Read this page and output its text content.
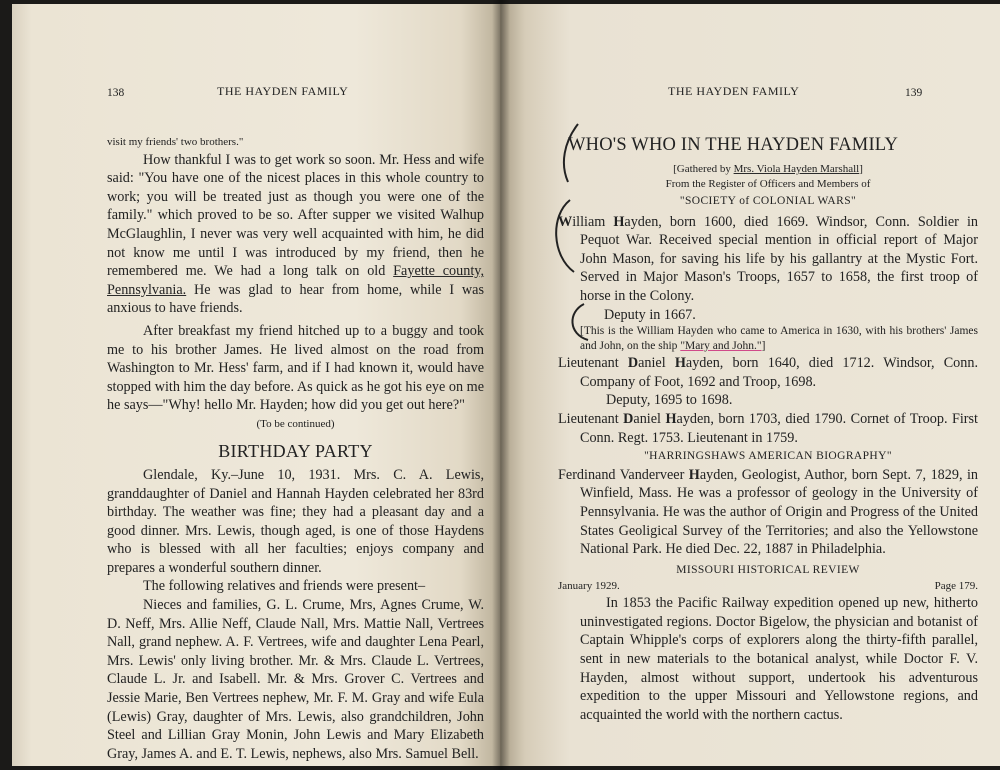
138	THE HAYDEN FAMILY

visit my friends' two brothers."

How thankful I was to get work so soon. Mr. Hess and wife said: "You have one of the nicest places in this whole country to work; you will be treated just as though you were one of the family." which proved to be so. After supper we visited Walhup McGlaughlin, I never was very well acquainted with him, he did not know me until I was introduced by my friend, then he remembered me. We had a long talk on old Fayette county, Pennsylvania. He was glad to hear from home, while I was anxious to have friends.

After breakfast my friend hitched up to a buggy and took me to his brother James. He lived almost on the road from Washington to Mr. Hess' farm, and if I had known it, would have stopped with him the day before. As quick as he got his eye on me he says—"Why! hello Mr. Hayden; how did you get out here?"

(To be continued)

BIRTHDAY PARTY

Glendale, Ky.–June 10, 1931. Mrs. C. A. Lewis, granddaughter of Daniel and Hannah Hayden celebrated her 83rd birthday. The weather was fine; they had a pleasant day and a good dinner. Mrs. Lewis, though aged, is one of those Haydens who is blessed with all her faculties; enjoys company and prepares a wonderful southern dinner.

The following relatives and friends were present–

Nieces and families, G. L. Crume, Mrs, Agnes Crume, W. D. Neff, Mrs. Allie Neff, Claude Nall, Mrs. Mattie Nall, Vertrees Nall, grand nephew. A. F. Vertrees, wife and daughter Lena Pearl, Mrs. Lewis' only living brother. Mr. & Mrs. Claude L. Vertrees, Claude L. Jr. and Isabell. Mr. & Mrs. Grover C. Vertrees and Jessie Marie, Ben Vertrees nephew, Mr. F. M. Gray and wife Eula (Lewis) Gray, daughter of Mrs. Lewis, also grandchildren, John Steel and Lillian Gray Monin, John Lewis and Mary Elizabeth Gray, James A. and E. T. Lewis, nephews, also Mrs. Samuel Bell.

THE HAYDEN FAMILY	139
WHO'S WHO IN THE HAYDEN FAMILY

[Gathered by Mrs. Viola Hayden Marshall]

From the Register of Officers and Members of

"SOCIETY of COLONIAL WARS"

William Hayden, born 1600, died 1669. Windsor, Conn. Soldier in Pequot War. Received special mention in official report of Major John Mason, for saving his life by his gallantry at the Mystic Fort. Served in Major Mason's Troops, 1657 to 1658, the first troop of horse in the Colony.

Deputy in 1667.

[This is the William Hayden who came to America in 1630, with his brothers' James and John, on the ship "Mary and John."]

Lieutenant Daniel Hayden, born 1640, died 1712. Windsor, Conn. Company of Foot, 1692 and Troop, 1698.

Deputy, 1695 to 1698.

Lieutenant Daniel Hayden, born 1703, died 1790. Cornet of Troop. First Conn. Regt. 1753. Lieutenant in 1759.

"HARRINGSHAWS AMERICAN BIOGRAPHY"

Ferdinand Vanderveer Hayden, Geologist, Author, born Sept. 7, 1829, in Winfield, Mass. He was a professor of geology in the University of Pennsylvania. He was the author of Origin and Progress of the United States Geoligical Survey of the Territories; and also the Yellowstone National Park. He died Dec. 22, 1887 in Philadelphia.

MISSOURI HISTORICAL REVIEW

January 1929.	Page 179.

In 1853 the Pacific Railway expedition opened up new, hitherto uninvestigated regions. Doctor Bigelow, the physician and botanist of Captain Whipple's corps of explorers along the thirty-fifth parallel, sent in new materials to the botanical analyst, while Doctor F. V. Hayden, almost without support, undertook his adventurous expedition to the upper Missouri and Yellowstone regions, and acquainted the world with the northern cactus.
